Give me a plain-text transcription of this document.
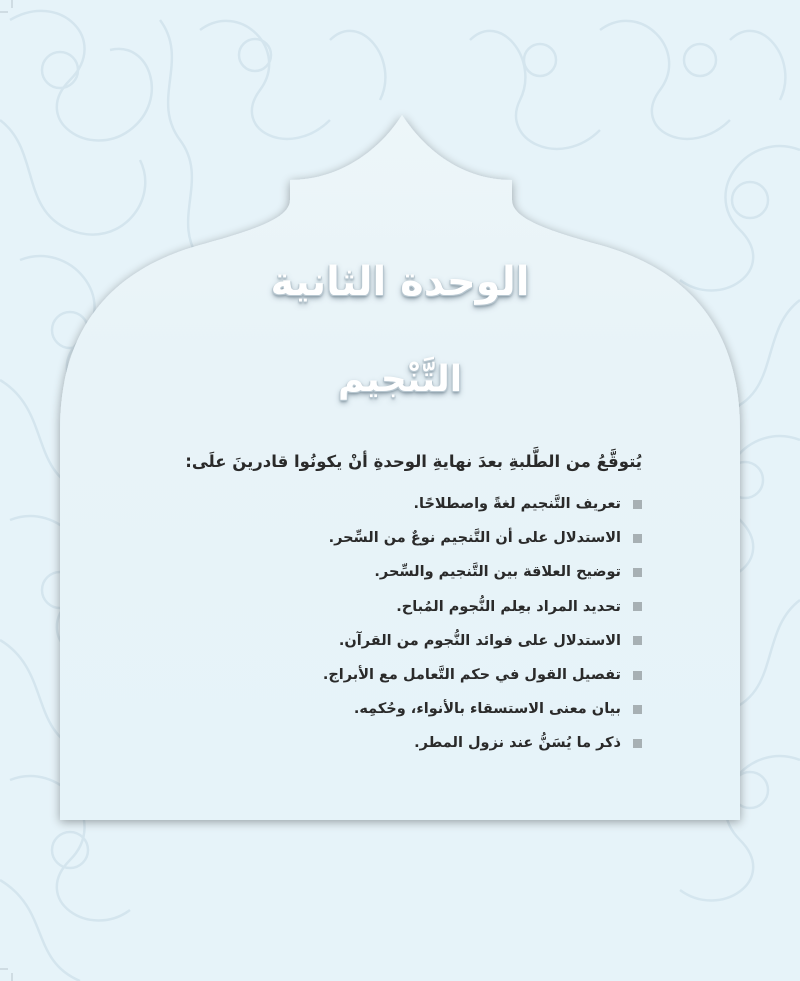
الوحدة الثانية
التَّنْجيم

يُتوقَّعُ من الطَّلبةِ بعدَ نهايةِ الوحدةِ أنْ يكونُوا قادرينَ علَى:

تعريف التَّنجيم لغةً واصطلاحًا.
الاستدلال على أن التَّنجيم نوعٌ من السِّحر.
توضيح العلاقة بين التَّنجيم والسِّحر.
تحديد المراد بعِلم النُّجوم المُباح.
الاستدلال على فوائد النُّجوم من القرآن.
تفصيل القول في حكم التَّعامل مع الأبراج.
بيان معنى الاستسقاء بالأنواء، وحُكمِه.
ذكر ما يُسَنُّ عند نزول المطر.
